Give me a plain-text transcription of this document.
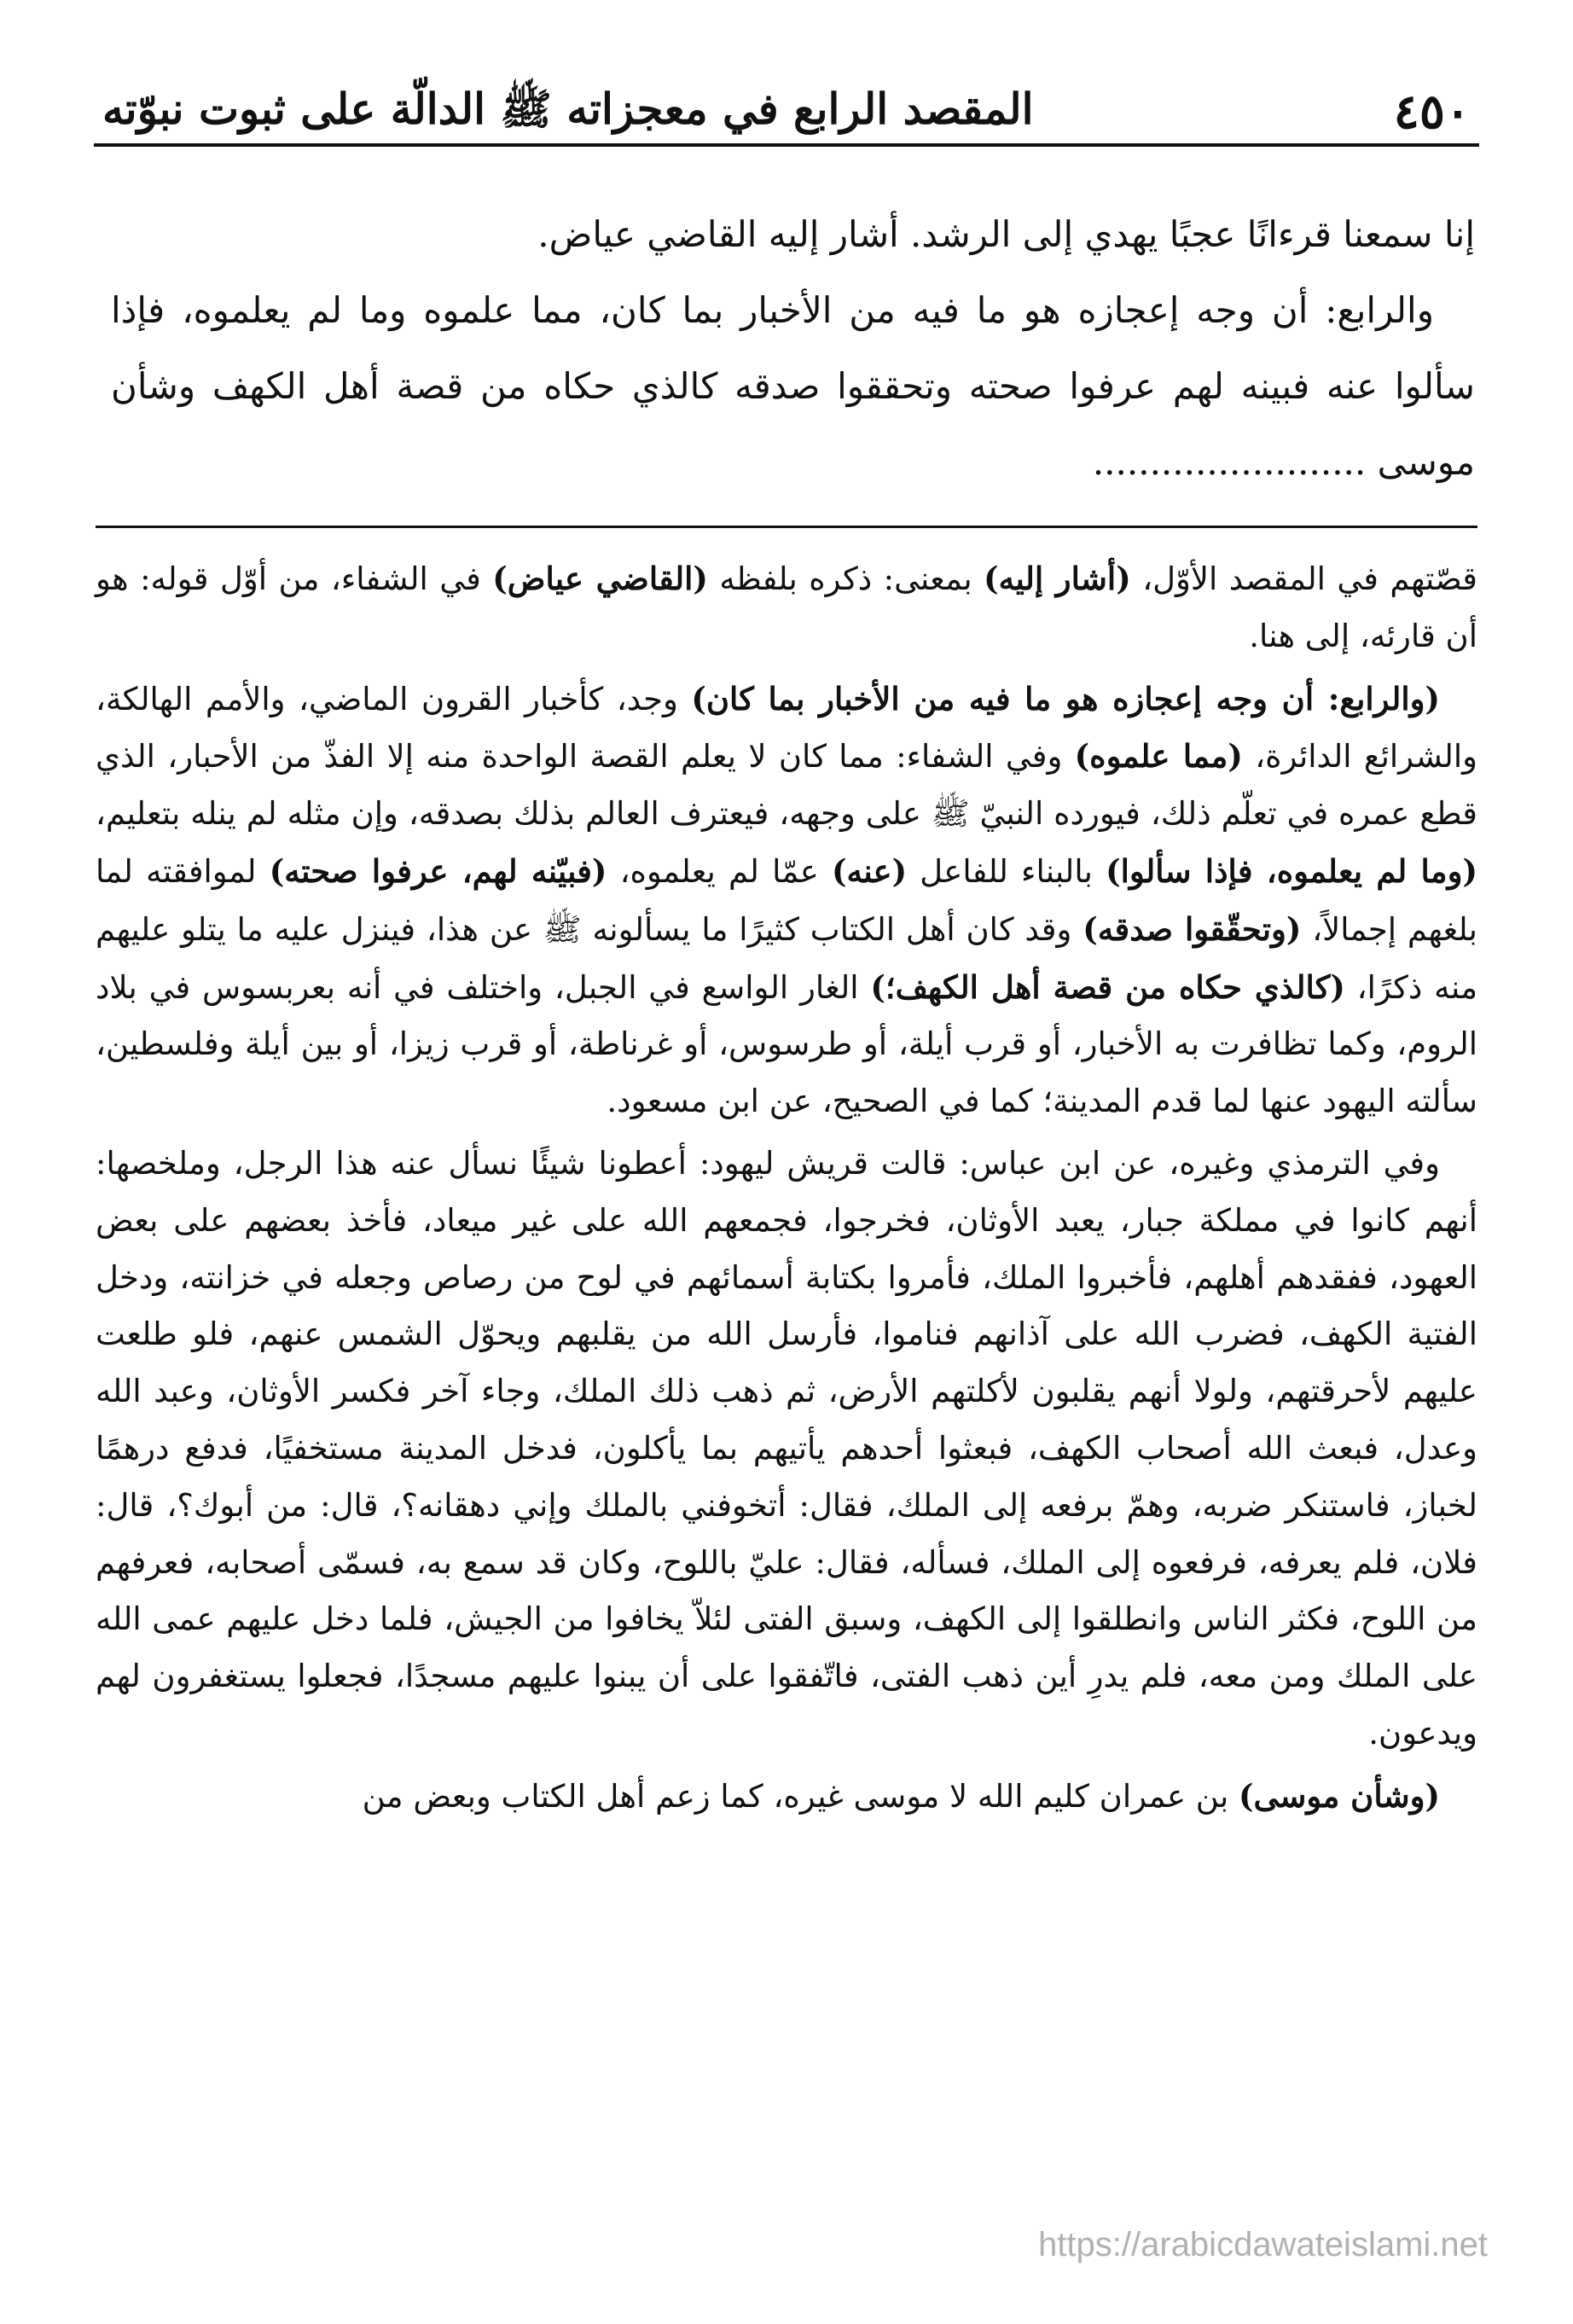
٤٥٠
المقصد الرابع في معجزاته ﷺ الدالّة على ثبوت نبوّته

إنا سمعنا قرءانًا عجبًا يهدي إلى الرشد. أشار إليه القاضي عياض.

والرابع: أن وجه إعجازه هو ما فيه من الأخبار بما كان، مما علموه وما لم يعلموه، فإذا سألوا عنه فبينه لهم عرفوا صحته وتحققوا صدقه كالذي حكاه من قصة أهل الكهف وشأن موسى ........................

قصّتهم في المقصد الأوّل، (أشار إليه) بمعنى: ذكره بلفظه (القاضي عياض) في الشفاء، من أوّل قوله: هو أن قارئه، إلى هنا.

(والرابع: أن وجه إعجازه هو ما فيه من الأخبار بما كان) وجد، كأخبار القرون الماضي، والأمم الهالكة، والشرائع الدائرة، (مما علموه) وفي الشفاء: مما كان لا يعلم القصة الواحدة منه إلا الفذّ من الأحبار، الذي قطع عمره في تعلّم ذلك، فيورده النبيّ ﷺ على وجهه، فيعترف العالم بذلك بصدقه، وإن مثله لم ينله بتعليم، (وما لم يعلموه، فإذا سألوا) بالبناء للفاعل (عنه) عمّا لم يعلموه، (فبيّنه لهم، عرفوا صحته) لموافقته لما بلغهم إجمالاً، (وتحقّقوا صدقه) وقد كان أهل الكتاب كثيرًا ما يسألونه ﷺ عن هذا، فينزل عليه ما يتلو عليهم منه ذكرًا، (كالذي حكاه من قصة أهل الكهف؛) الغار الواسع في الجبل، واختلف في أنه بعربسوس في بلاد الروم، وكما تظافرت به الأخبار، أو قرب أيلة، أو طرسوس، أو غرناطة، أو قرب زيزا، أو بين أيلة وفلسطين، سألته اليهود عنها لما قدم المدينة؛ كما في الصحيح، عن ابن مسعود.

وفي الترمذي وغيره، عن ابن عباس: قالت قريش ليهود: أعطونا شيئًا نسأل عنه هذا الرجل، وملخصها: أنهم كانوا في مملكة جبار، يعبد الأوثان، فخرجوا، فجمعهم الله على غير ميعاد، فأخذ بعضهم على بعض العهود، ففقدهم أهلهم، فأخبروا الملك، فأمروا بكتابة أسمائهم في لوح من رصاص وجعله في خزانته، ودخل الفتية الكهف، فضرب الله على آذانهم فناموا، فأرسل الله من يقلبهم ويحوّل الشمس عنهم، فلو طلعت عليهم لأحرقتهم، ولولا أنهم يقلبون لأكلتهم الأرض، ثم ذهب ذلك الملك، وجاء آخر فكسر الأوثان، وعبد الله وعدل، فبعث الله أصحاب الكهف، فبعثوا أحدهم يأتيهم بما يأكلون، فدخل المدينة مستخفيًا، فدفع درهمًا لخباز، فاستنكر ضربه، وهمّ برفعه إلى الملك، فقال: أتخوفني بالملك وإني دهقانه؟، قال: من أبوك؟، قال: فلان، فلم يعرفه، فرفعوه إلى الملك، فسأله، فقال: عليّ باللوح، وكان قد سمع به، فسمّى أصحابه، فعرفهم من اللوح، فكثر الناس وانطلقوا إلى الكهف، وسبق الفتى لئلاّ يخافوا من الجيش، فلما دخل عليهم عمى الله على الملك ومن معه، فلم يدرِ أين ذهب الفتى، فاتّفقوا على أن يبنوا عليهم مسجدًا، فجعلوا يستغفرون لهم ويدعون.

(وشأن موسى) بن عمران كليم الله لا موسى غيره، كما زعم أهل الكتاب وبعض من

https://arabicdawateislami.net
